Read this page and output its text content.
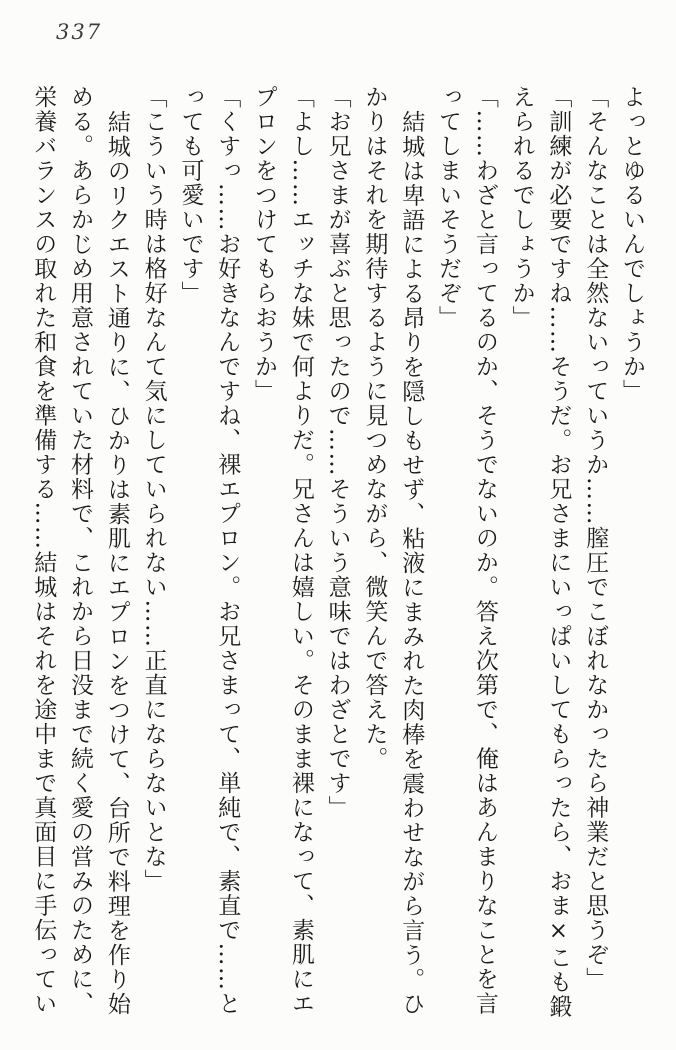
337
よっとゆるいんでしょうか」
「そんなことは全然ないっていうか……膣圧でこぼれなかったら神業だと思うぞ」
「訓練が必要ですね……そうだ。お兄さまにいっぱいしてもらったら、おま×こも鍛
えられるでしょうか」
「……わざと言ってるのか、そうでないのか。答え次第で、俺はあんまりなことを言
ってしまいそうだぞ」
結城は卑語による昂りを隠しもせず、粘液にまみれた肉棒を震わせながら言う。ひ
かりはそれを期待するように見つめながら、微笑んで答えた。
「お兄さまが喜ぶと思ったので……そういう意味ではわざとです」
「よし……エッチな妹で何よりだ。兄さんは嬉しい。そのまま裸になって、素肌にエ
プロンをつけてもらおうか」
「くすっ……お好きなんですね、裸エプロン。お兄さまって、単純で、素直で……と
っても可愛いです」
「こういう時は格好なんて気にしていられない……正直にならないとな」
結城のリクエスト通りに、ひかりは素肌にエプロンをつけて、台所で料理を作り始
める。あらかじめ用意されていた材料で、これから日没まで続く愛の営みのために、
栄養バランスの取れた和食を準備する……結城はそれを途中まで真面目に手伝ってい
